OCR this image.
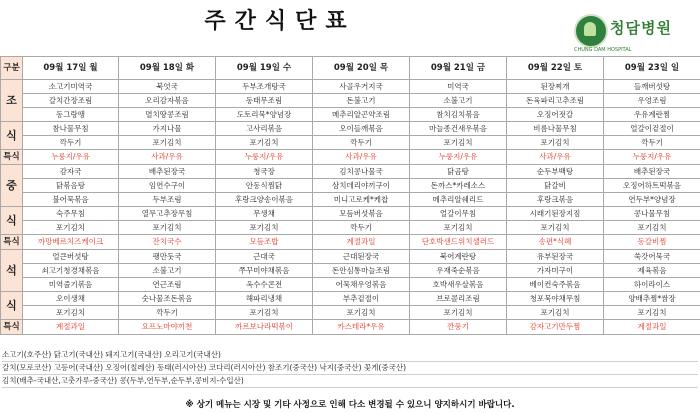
주간식단표	청담병원
CHUNG DAM HOSPITAL
구분	09월 17일 월	09월 18일 화	09월 19일 수	09월 20일 목	09월 21일 금	09월 22일 토	09월 23일 일
조	소고기미역국	북엇국	두부조개탕국	사골우거지국	미역국	된장찌개	들깨버섯탕
	갈치간장조림	오리감자볶음	동태무조림	돈불고기	소불고기	돈육파리고추조림	우엉조림
	동그랑땡	멸치땅콩조림	도토리묵*양념장	메추리알곤약조림	참치김치볶음	오징어젓갈	우유계란찜
식	참나물무침	가지나물	고사리볶음	오이들깨볶음	마늘종건새우볶음	비름나물무침	얼갈이겉절이
	깍두기	포기김치	포기김치	깍두기	포기김치	포기김치	깍두기
특식	누룽지/우유	사과/우유	누룽지/우유	사과/우유	누룽지/우유	사과/우유	누룽지/우유
중	감자국	배추된장국	청국장	김치콩나물국	닭곰탕	순두부백탕	배추된장국
	닭볶음탕	임연수구이	안동식찜닭	삼치데리야끼구이	돈까스*카레소스	닭갈비	오징어하트떡볶음
	불어묵볶음	두부조림	후랑크양송이볶음	미니고로케*케찹	메추리알쉐리드	후랑크볶음	연두부*양념장
식	숙주무침	열무고추장무침	무생채	모듬버섯볶음	얼갈이무침	시래기된장지짐	콩나물무침
	포기김치	포기김치	포기김치	깍두기	포기김치	포기김치	포기김치
특식	까망베르치즈케이크	잔치국수	모듬조밥	계절과일	단호박샌드위치샐러드	송편*식혜	동갈비찜
석	얼큰버섯탕	팽만둣국	근대국	근대된장국	북어계란탕	유부된장국	쑥갓어묵국
	쇠고기청경채볶음	소불고기	쭈꾸미야채볶음	돈안심통마늘조림	우재죽순볶음	가자미구이	제육볶음
	미역줄기볶음	연근조림	옥수수콘전	어묵채우엉볶음	호박새우살볶음	베이컨숙주볶음	하이라이스
식	오이생채	숫나물조돈볶음	해파리냉채	부추겉절이	브로콜리조림	청포묵야채무침	양배추찜*쌈장
	포기김치	깍두기	포기김치	포기김치	포기김치	포기김치	포기김치
특식	계절과일	요프노마야끼천	까르보나라떡볶이	카스테라*우유	깐풍기	감자고기만두찜	계절과일
소고기(호주산) 닭고기(국내산) 돼지고기(국내산) 오리고기(국내산)
갈치(모로코산) 고등어(국내산) 오징어(칠레산) 동태(러시아산) 코다리(러시아산) 참조기(중국산) 낙지(중국산) 꽃게(중국산)
김치(배추-국내산,고춧가루-중국산) 콩(두부,연두부,순두부,콩비지-수입산)
※ 상기 메뉴는 시장 및 기타 사정으로 인해 다소 변경될 수 있으니 양지하시기 바랍니다.
